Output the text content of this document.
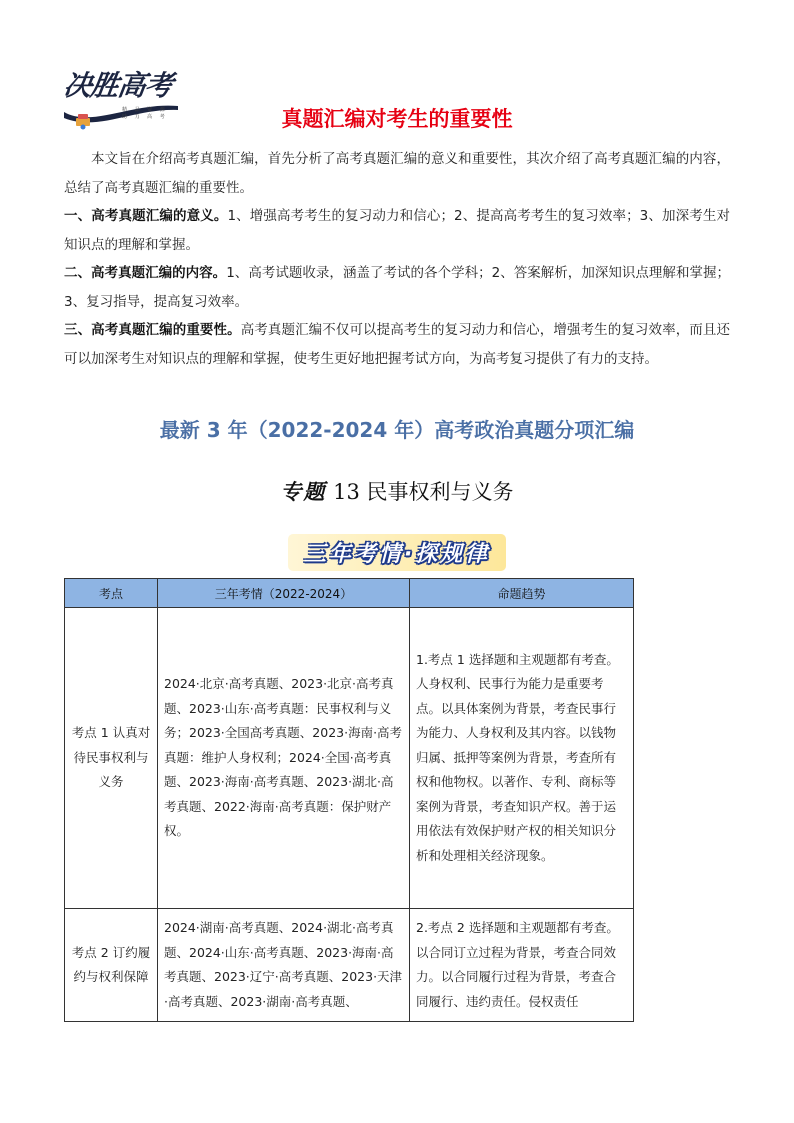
决胜高考
精 品 资 源 · 助 力 高 考	真题汇编对考生的重要性
本文旨在介绍高考真题汇编，首先分析了高考真题汇编的意义和重要性，其次介绍了高考真题汇编的内容，总结了高考真题汇编的重要性。
一、高考真题汇编的意义。1、增强高考考生的复习动力和信心；2、提高高考考生的复习效率；3、加深考生对知识点的理解和掌握。
二、高考真题汇编的内容。1、高考试题收录，涵盖了考试的各个学科；2、答案解析，加深知识点理解和掌握；3、复习指导，提高复习效率。
三、高考真题汇编的重要性。高考真题汇编不仅可以提高考生的复习动力和信心，增强考生的复习效率，而且还可以加深考生对知识点的理解和掌握，使考生更好地把握考试方向，为高考复习提供了有力的支持。
最新 3 年（2022-2024 年）高考政治真题分项汇编
专题 13 民事权利与义务
三年考情·探规律
考点	三年考情（2022-2024）	命题趋势
考点 1 认真对待民事权利与义务	2024·北京·高考真题、2023·北京·高考真题、2023·山东·高考真题：民事权利与义务；2023·全国高考真题、2023·海南·高考真题：维护人身权利；2024·全国·高考真题、2023·海南·高考真题、2023·湖北·高考真题、2022·海南·高考真题：保护财产权。	1.考点 1 选择题和主观题都有考查。人身权利、民事行为能力是重要考点。以具体案例为背景，考查民事行为能力、人身权利及其内容。以钱物归属、抵押等案例为背景，考查所有权和他物权。以著作、专利、商标等案例为背景，考查知识产权。善于运用依法有效保护财产权的相关知识分析和处理相关经济现象。
考点 2 订约履约与权利保障	2024·湖南·高考真题、2024·湖北·高考真题、2024·山东·高考真题、2023·海南·高考真题、2023·辽宁·高考真题、2023·天津·高考真题、2023·湖南·高考真题、	2.考点 2 选择题和主观题都有考查。以合同订立过程为背景，考查合同效力。以合同履行过程为背景，考查合同履行、违约责任。侵权责任
